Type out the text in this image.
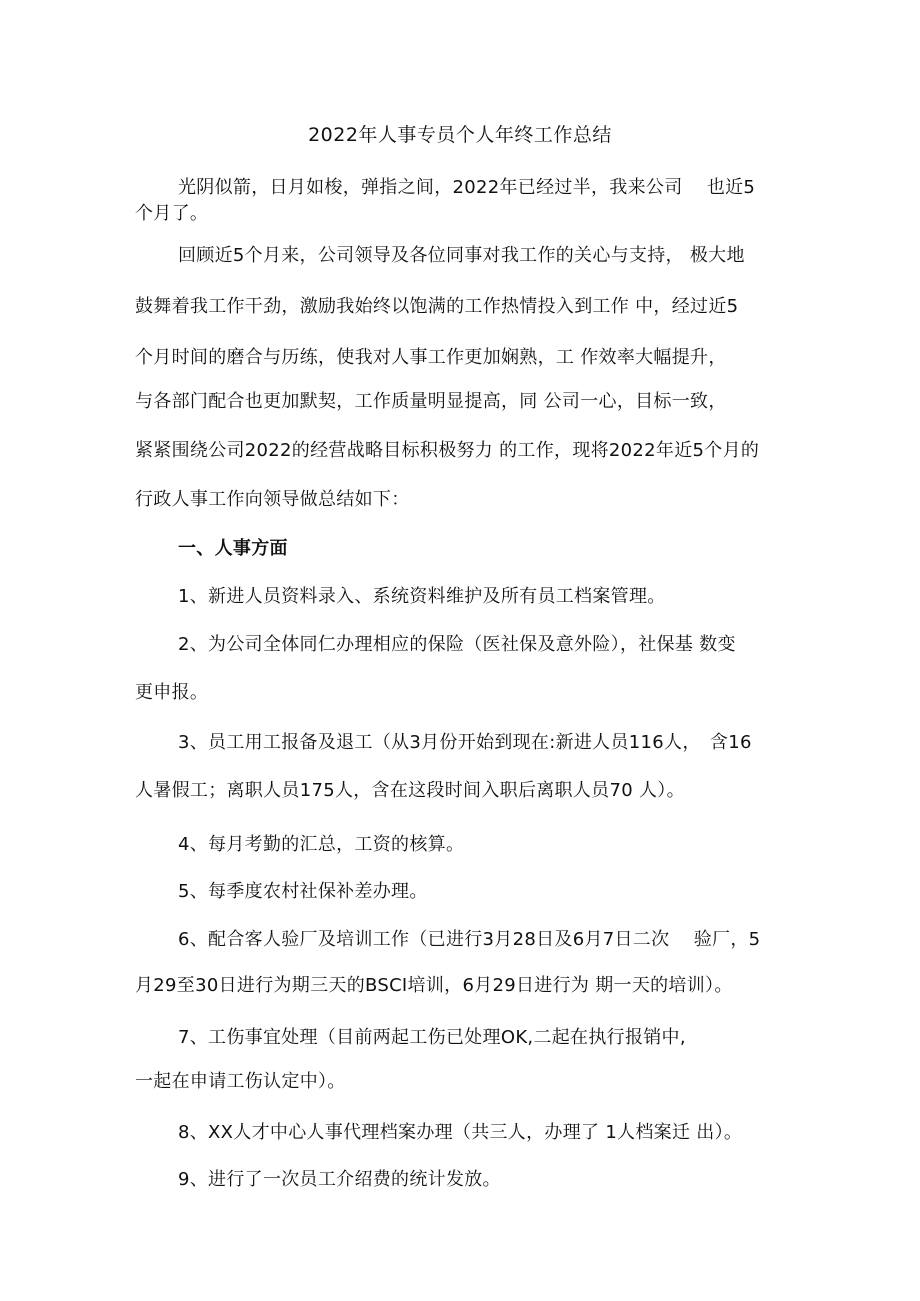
2022年人事专员个人年终工作总结
光阴似箭，日月如梭，弹指之间，2022年已经过半，我来公司　 也近5
个月了。
回顾近5个月来，公司领导及各位同事对我工作的关心与支持， 极大地
鼓舞着我工作干劲，激励我始终以饱满的工作热情投入到工作 中，经过近5
个月时间的磨合与历练，使我对人事工作更加娴熟，工 作效率大幅提升，
与各部门配合也更加默契，工作质量明显提高，同 公司一心，目标一致，
紧紧围绕公司2022的经营战略目标积极努力 的工作，现将2022年近5个月的
行政人事工作向领导做总结如下：
一、人事方面
1、新进人员资料录入、系统资料维护及所有员工档案管理。
2、为公司全体同仁办理相应的保险（医社保及意外险），社保基 数变
更申报。
3、员工用工报备及退工（从3月份开始到现在:新进人员116人，　含16
人暑假工；离职人员175人，含在这段时间入职后离职人员70 人）。
4、每月考勤的汇总，工资的核算。
5、每季度农村社保补差办理。
6、配合客人验厂及培训工作（已进行3月28日及6月7日二次　 验厂，5
月29至30日进行为期三天的BSCI培训，6月29日进行为 期一天的培训）。
7、工伤事宜处理（目前两起工伤已处理OK,二起在执行报销中,
一起在申请工伤认定中）。
8、XX人才中心人事代理档案办理（共三人，办理了 1人档案迁 出）。
9、进行了一次员工介绍费的统计发放。
